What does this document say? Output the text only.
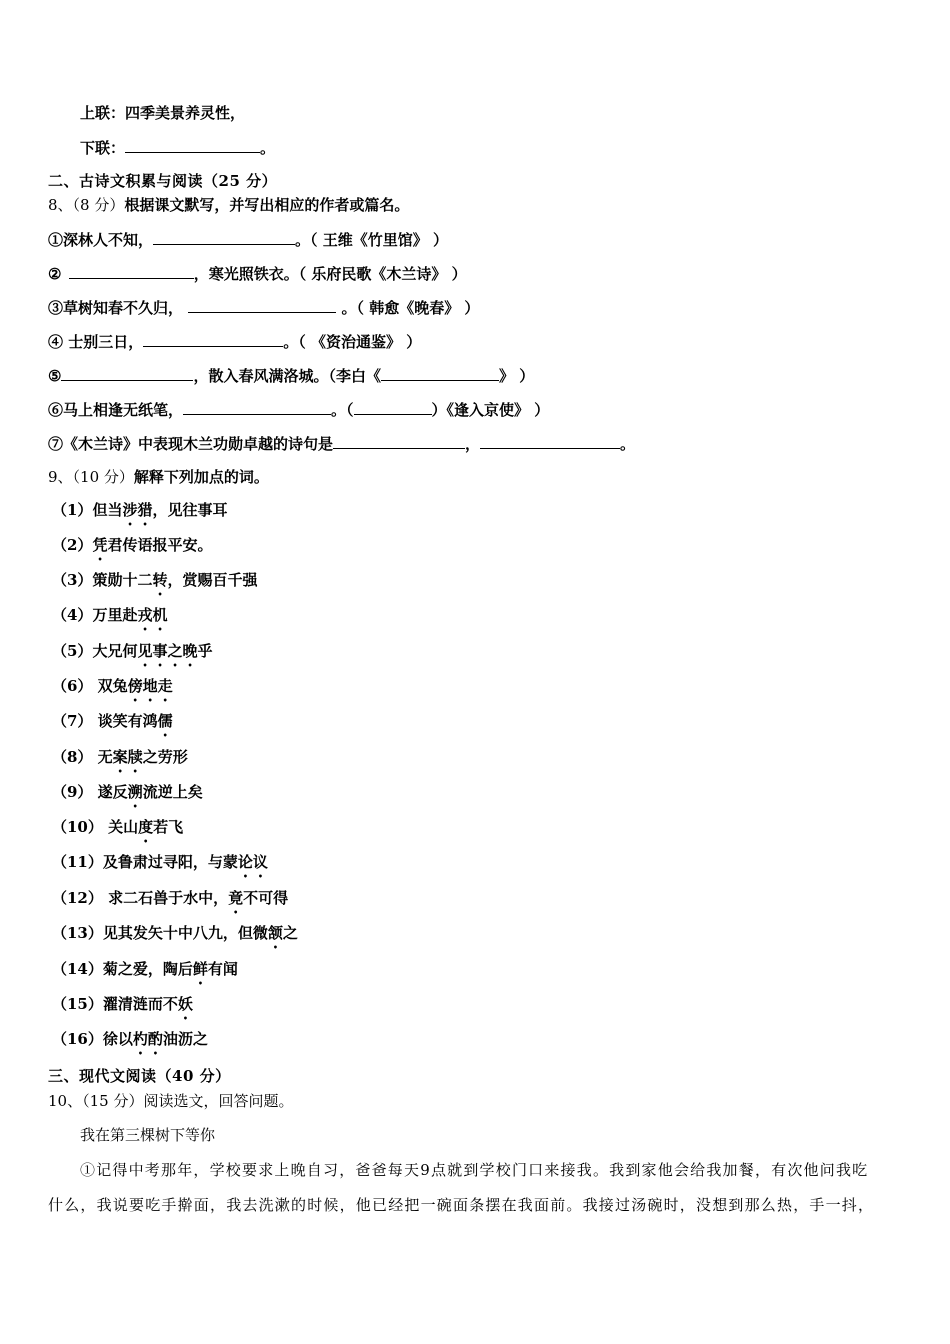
上联：四季美景养灵性，
下联：	。
二、古诗文积累与阅读（25 分）
8、（8 分）根据课文默写，并写出相应的作者或篇名。
①深林人不知，	。（ 王维《竹里馆》 ）
②	，寒光照铁衣。（ 乐府民歌《木兰诗》 ）
③草树知春不久归，	。（ 韩愈《晚春》 ）
④ 士别三日，	。（ 《资治通鉴》 ）
⑤	，散入春风满洛城。（李白《	》 ）
⑥马上相逢无纸笔，	。（	）《逢入京使》 ）
⑦《木兰诗》中表现木兰功勋卓越的诗句是	，	。
9、（10 分）解释下列加点的词。
（1）但当涉猎，见往事耳
（2）凭君传语报平安。
（3）策勋十二转，赏赐百千强
（4）万里赴戎机
（5）大兄何见事之晚乎
（6） 双兔傍地走
（7） 谈笑有鸿儒
（8） 无案牍之劳形
（9） 遂反溯流逆上矣
（10） 关山度若飞
（11）及鲁肃过寻阳，与蒙论议
（12） 求二石兽于水中，竟不可得
（13）见其发矢十中八九，但微颔之
（14）菊之爱，陶后鲜有闻
（15）濯清涟而不妖
（16）徐以杓酌油沥之
三、现代文阅读（40 分）
10、（15 分）阅读选文，回答问题。
我在第三棵树下等你
①记得中考那年，学校要求上晚自习，爸爸每天9点就到学校门口来接我。我到家他会给我加餐，有次他问我吃
什么，我说要吃手擀面，我去洗漱的时候，他已经把一碗面条摆在我面前。我接过汤碗时，没想到那么热，手一抖，
